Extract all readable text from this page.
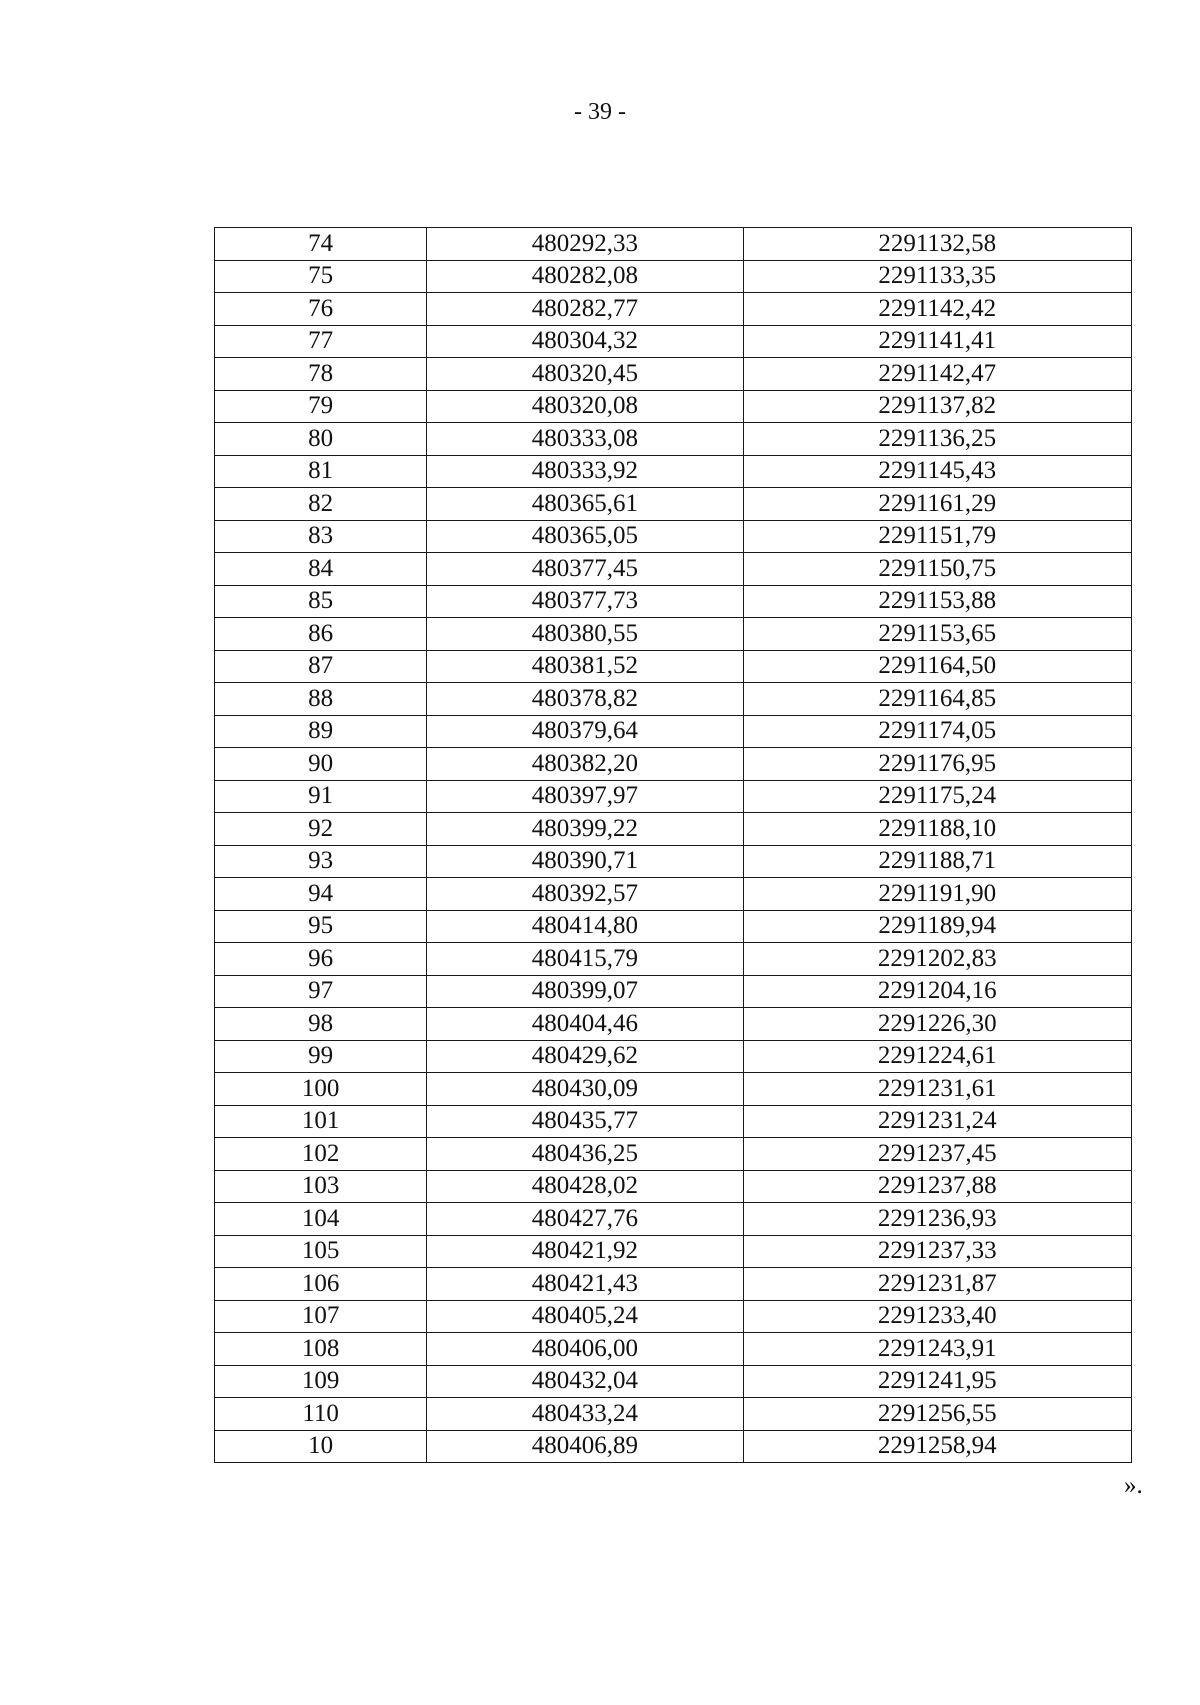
- 39 -
74	480292,33	2291132,58
75	480282,08	2291133,35
76	480282,77	2291142,42
77	480304,32	2291141,41
78	480320,45	2291142,47
79	480320,08	2291137,82
80	480333,08	2291136,25
81	480333,92	2291145,43
82	480365,61	2291161,29
83	480365,05	2291151,79
84	480377,45	2291150,75
85	480377,73	2291153,88
86	480380,55	2291153,65
87	480381,52	2291164,50
88	480378,82	2291164,85
89	480379,64	2291174,05
90	480382,20	2291176,95
91	480397,97	2291175,24
92	480399,22	2291188,10
93	480390,71	2291188,71
94	480392,57	2291191,90
95	480414,80	2291189,94
96	480415,79	2291202,83
97	480399,07	2291204,16
98	480404,46	2291226,30
99	480429,62	2291224,61
100	480430,09	2291231,61
101	480435,77	2291231,24
102	480436,25	2291237,45
103	480428,02	2291237,88
104	480427,76	2291236,93
105	480421,92	2291237,33
106	480421,43	2291231,87
107	480405,24	2291233,40
108	480406,00	2291243,91
109	480432,04	2291241,95
110	480433,24	2291256,55
10	480406,89	2291258,94
».
